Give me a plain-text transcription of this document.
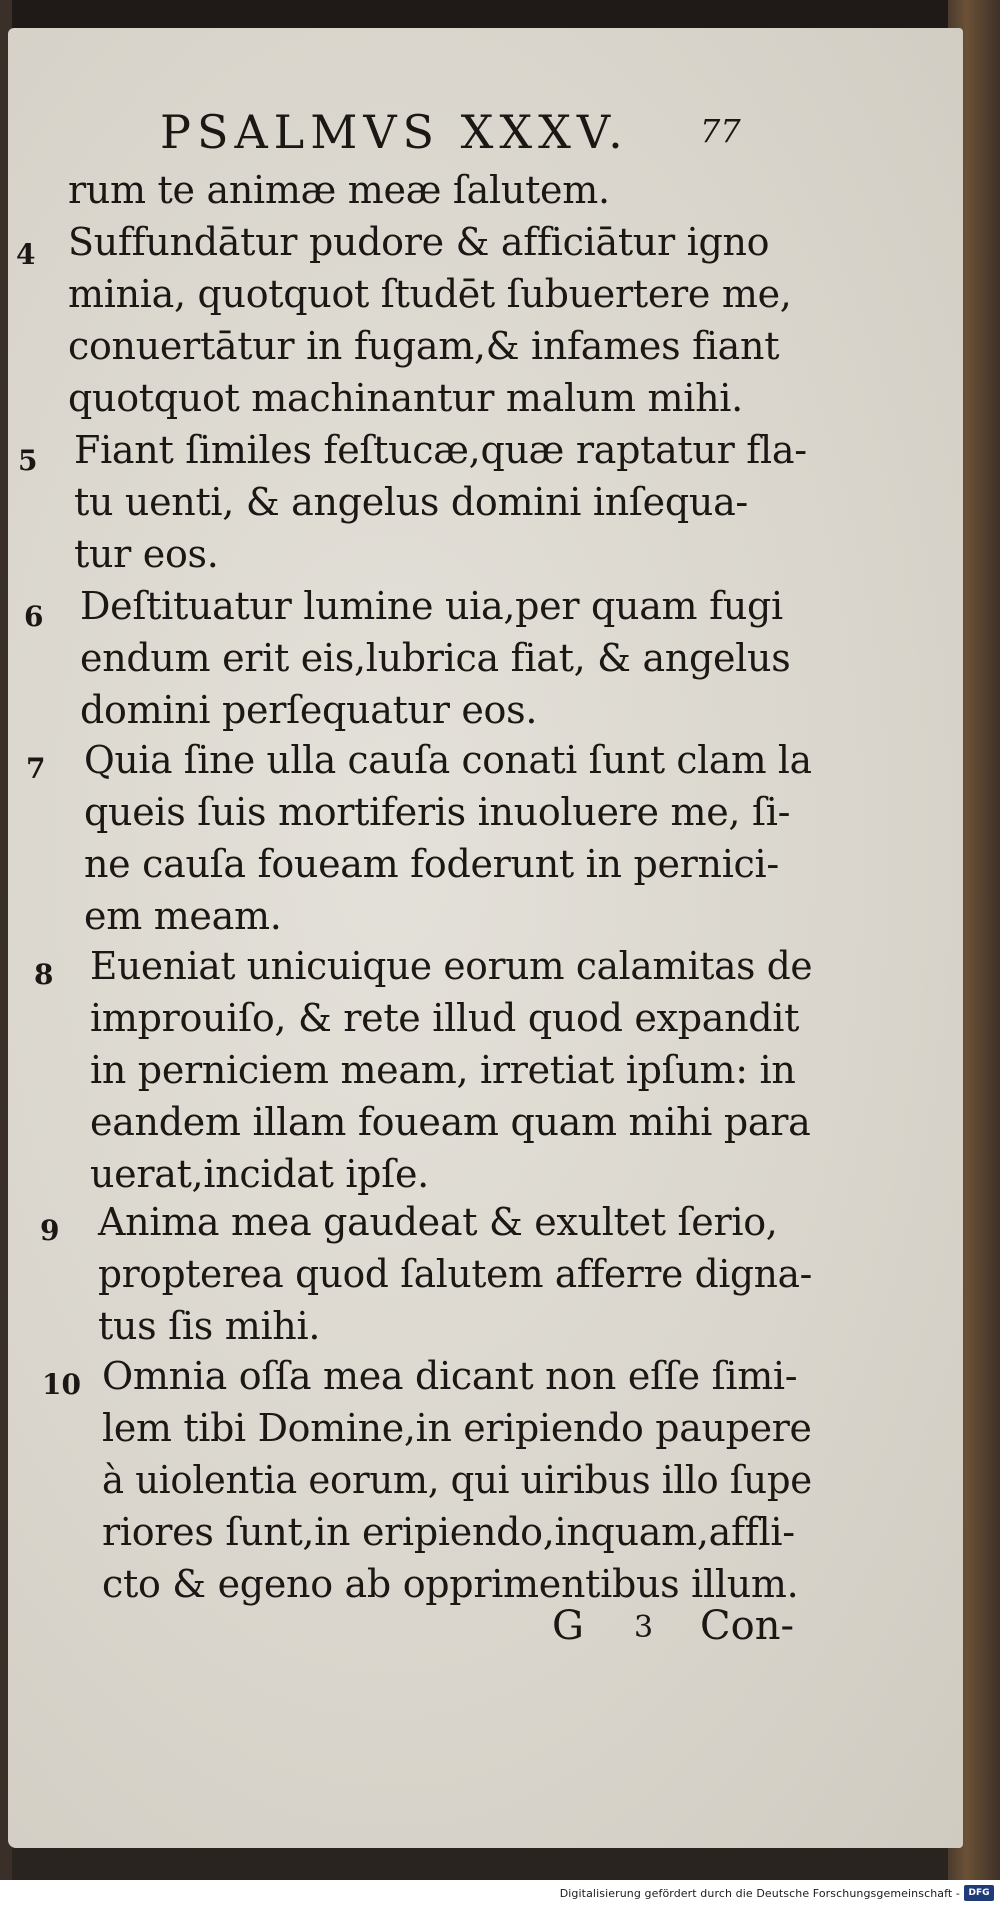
PSALMVS XXXV. 77
4
5
6
7
8
9
10
rum te animæ meæ ſalutem.
Suffundātur pudore & afficiātur igno
minia, quotquot ſtudēt ſubuertere me,
conuertātur in fugam,& infames fiant
quotquot machinantur malum mihi.
Fiant ſimiles feſtucæ,quæ raptatur fla-
tu uenti, & angelus domini inſequa-
tur eos.
Deſtituatur lumine uia,per quam fugi
endum erit eis,lubrica fiat, & angelus
domini perſequatur eos.
Quia ſine ulla cauſa conati ſunt clam la
queis ſuis mortiferis inuoluere me, ſi-
ne cauſa foueam foderunt in pernici-
em meam.
Eueniat unicuique eorum calamitas de
improuiſo, & rete illud quod expandit
in perniciem meam, irretiat ipſum: in
eandem illam foueam quam mihi para
uerat,incidat ipſe.
Anima mea gaudeat & exultet ſerio,
propterea quod ſalutem afferre digna-
tus ſis mihi.
Omnia oſſa mea dicant non eſſe ſimi-
lem tibi Domine,in eripiendo paupere
à uiolentia eorum, qui uiribus illo ſupe
riores ſunt,in eripiendo,inquam,affli-
cto & egeno ab opprimentibus illum.
G 3 Con-
Digitalisierung gefördert durch die Deutsche Forschungsgemeinschaft - DFG
